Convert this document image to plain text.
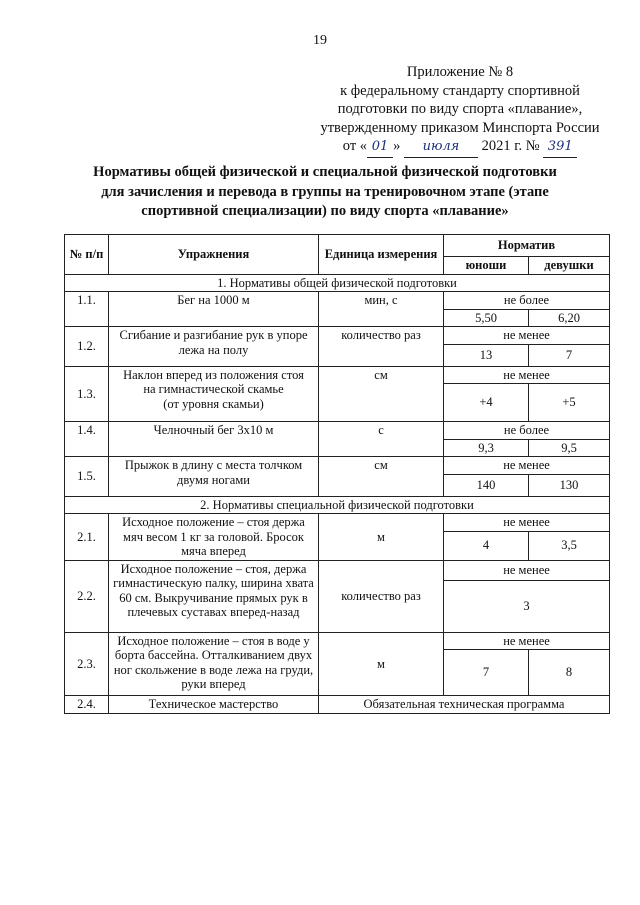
19
Приложение № 8
к федеральному стандарту спортивной
подготовки по виду спорта «плавание»,
утвержденному приказом Минспорта России
от « 01 » июля 2021 г. № 391
Нормативы общей физической и специальной физической подготовки
для зачисления и перевода в группы на тренировочном этапе (этапе
спортивной специализации) по виду спорта «плавание»
№ п/п	Упражнения	Единица измерения	Норматив	
			юноши	девушки
1. Нормативы общей физической подготовки				
1.1.	Бег на 1000 м	мин, с	не более	
			5,50	6,20
1.2.	Сгибание и разгибание рук в упоре лежа на полу	количество раз	не менее	
			13	7
1.3.	Наклон вперед из положения стоя
на гимнастической скамье
(от уровня скамьи)	см	не менее	
			+4	+5
1.4.	Челночный бег 3х10 м	с	не более	
			9,3	9,5
1.5.	Прыжок в длину с места толчком двумя ногами	см	не менее	
			140	130
2. Нормативы специальной физической подготовки				
2.1.	Исходное положение – стоя держа мяч весом 1 кг за головой. Бросок мяча вперед	м	не менее	
			4	3,5
2.2.	Исходное положение – стоя, держа гимнастическую палку, ширина хвата 60 см. Выкручивание прямых рук в плечевых суставах вперед-назад	количество раз	не менее	
			3	
2.3.	Исходное положение – стоя в воде у борта бассейна. Отталкиванием двух ног скольжение в воде лежа на груди, руки вперед	м	не менее	
			7	8
2.4.	Техническое мастерство	Обязательная техническая программа		
